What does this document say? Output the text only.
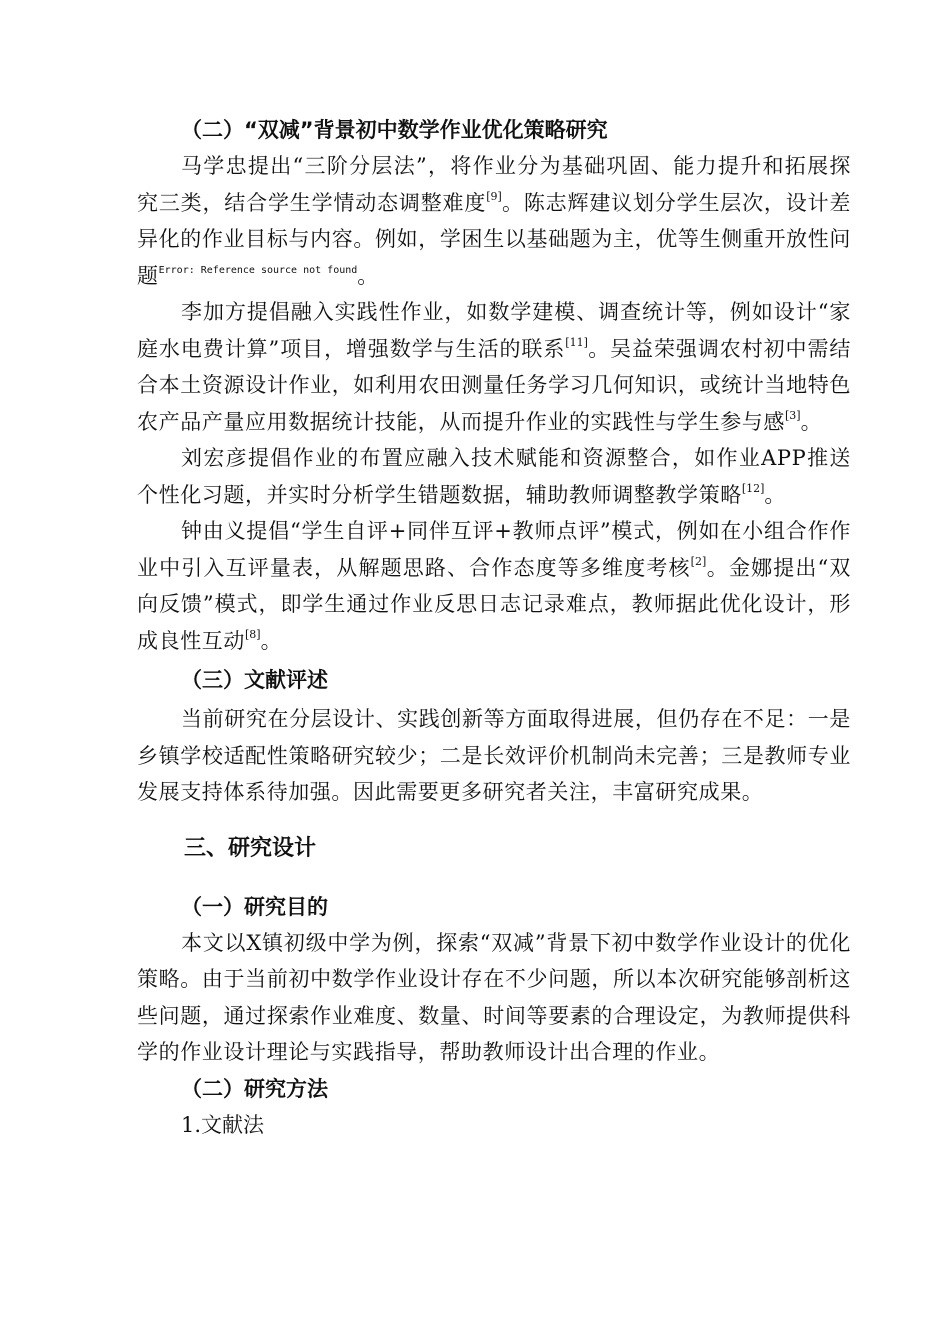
（二）“双减”背景初中数学作业优化策略研究

马学忠提出“三阶分层法”，将作业分为基础巩固、能力提升和拓展探究三类，结合学生学情动态调整难度[9]。陈志辉建议划分学生层次，设计差异化的作业目标与内容。例如，学困生以基础题为主，优等生侧重开放性问题$^{Error: Reference source not found}$。

李加方提倡融入实践性作业，如数学建模、调查统计等，例如设计“家庭水电费计算”项目，增强数学与生活的联系[11]。吴益荣强调农村初中需结合本土资源设计作业，如利用农田测量任务学习几何知识，或统计当地特色农产品产量应用数据统计技能，从而提升作业的实践性与学生参与感[3]。

刘宏彦提倡作业的布置应融入技术赋能和资源整合，如作业APP推送个性化习题，并实时分析学生错题数据，辅助教师调整教学策略[12]。

钟由义提倡“学生自评+同伴互评+教师点评”模式，例如在小组合作作业中引入互评量表，从解题思路、合作态度等多维度考核[2]。金娜提出“双向反馈”模式，即学生通过作业反思日志记录难点，教师据此优化设计，形成良性互动[8]。

（三）文献评述

当前研究在分层设计、实践创新等方面取得进展，但仍存在不足：一是乡镇学校适配性策略研究较少；二是长效评价机制尚未完善；三是教师专业发展支持体系待加强。因此需要更多研究者关注，丰富研究成果。

三、研究设计
（一）研究目的

本文以X镇初级中学为例，探索“双减”背景下初中数学作业设计的优化策略。由于当前初中数学作业设计存在不少问题，所以本次研究能够剖析这些问题，通过探索作业难度、数量、时间等要素的合理设定，为教师提供科学的作业设计理论与实践指导，帮助教师设计出合理的作业。

（二）研究方法

1.文献法
